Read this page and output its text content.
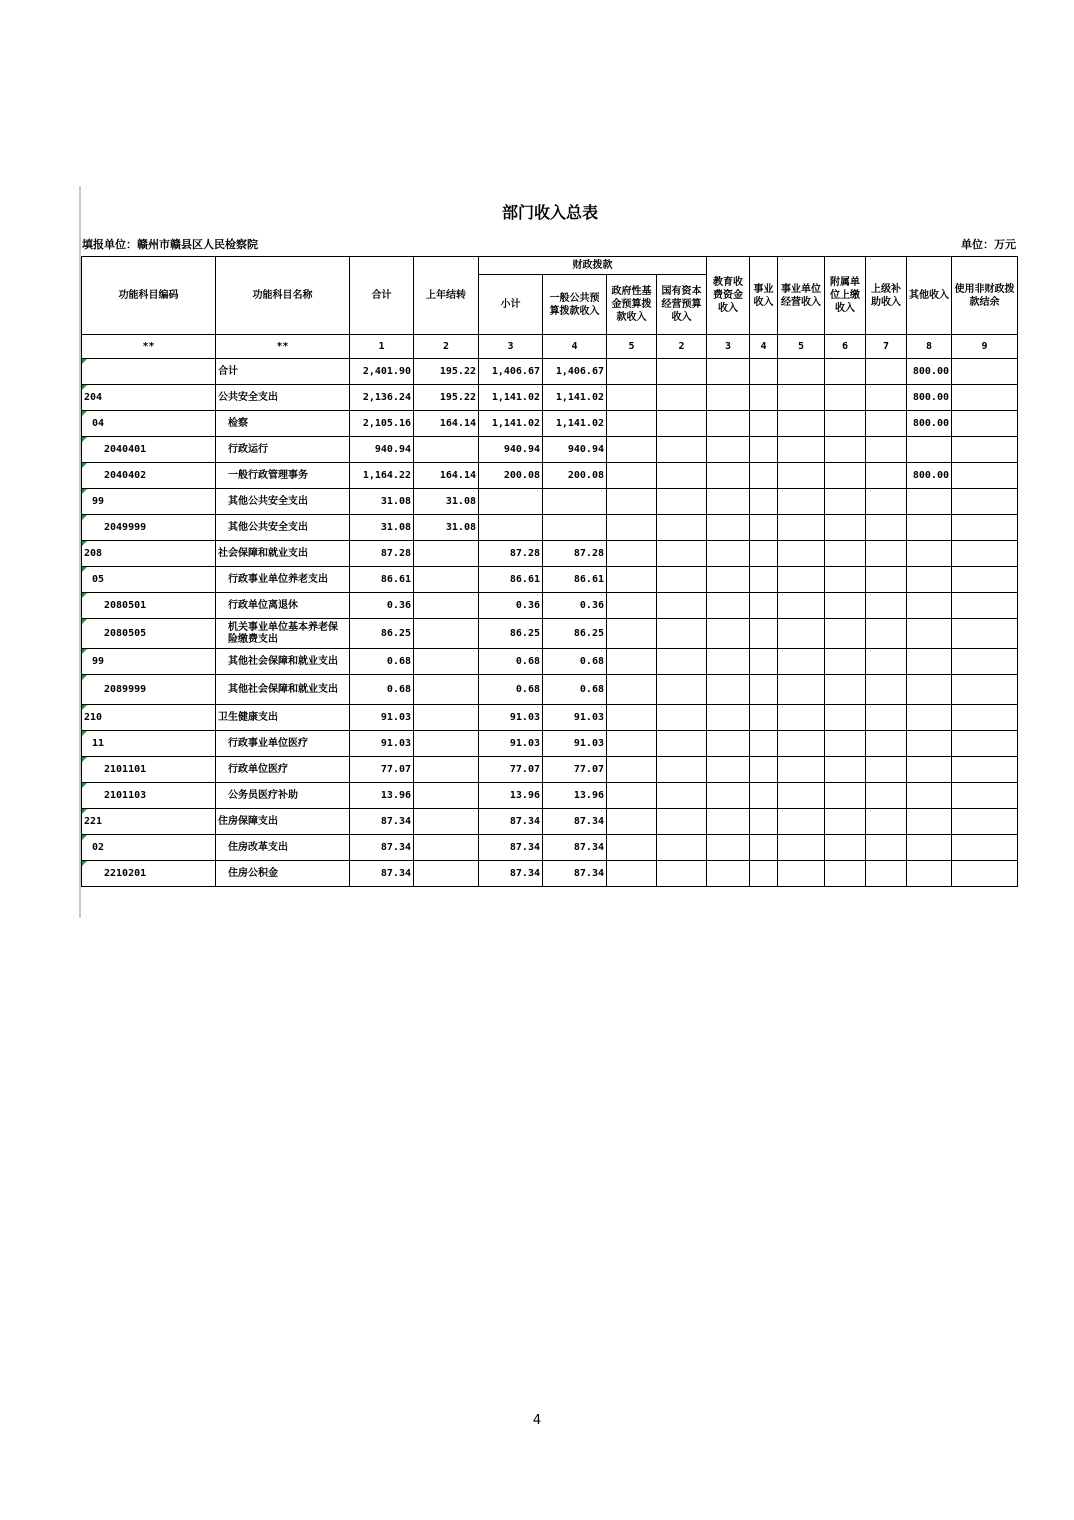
部门收入总表
填报单位：赣州市赣县区人民检察院	单位：万元
功能科目编码	功能科目名称	合计	上年结转	财政拨款				教育收费资金收入	事业收入	事业单位经营收入	附属单位上缴收入	上级补助收入	其他收入	使用非财政拨款结余
				小计	一般公共预算拨款收入	政府性基金预算拨款收入	国有资本经营预算收入							
**	**	1	2	3	4	5	2	3	4	5	6	7	8	9
	合计	2,401.90	195.22	1,406.67	1,406.67								800.00	
204	公共安全支出	2,136.24	195.22	1,141.02	1,141.02								800.00	
04	检察	2,105.16	164.14	1,141.02	1,141.02								800.00	
2040401	行政运行	940.94		940.94	940.94									
2040402	一般行政管理事务	1,164.22	164.14	200.08	200.08								800.00	
99	其他公共安全支出	31.08	31.08											
2049999	其他公共安全支出	31.08	31.08											
208	社会保障和就业支出	87.28		87.28	87.28									
05	行政事业单位养老支出	86.61		86.61	86.61									
2080501	行政单位离退休	0.36		0.36	0.36									
2080505	机关事业单位基本养老保险缴费支出	86.25		86.25	86.25									
99	其他社会保障和就业支出	0.68		0.68	0.68									
2089999	其他社会保障和就业支出	0.68		0.68	0.68									
210	卫生健康支出	91.03		91.03	91.03									
11	行政事业单位医疗	91.03		91.03	91.03									
2101101	行政单位医疗	77.07		77.07	77.07									
2101103	公务员医疗补助	13.96		13.96	13.96									
221	住房保障支出	87.34		87.34	87.34									
02	住房改革支出	87.34		87.34	87.34									
2210201	住房公积金	87.34		87.34	87.34									
4
